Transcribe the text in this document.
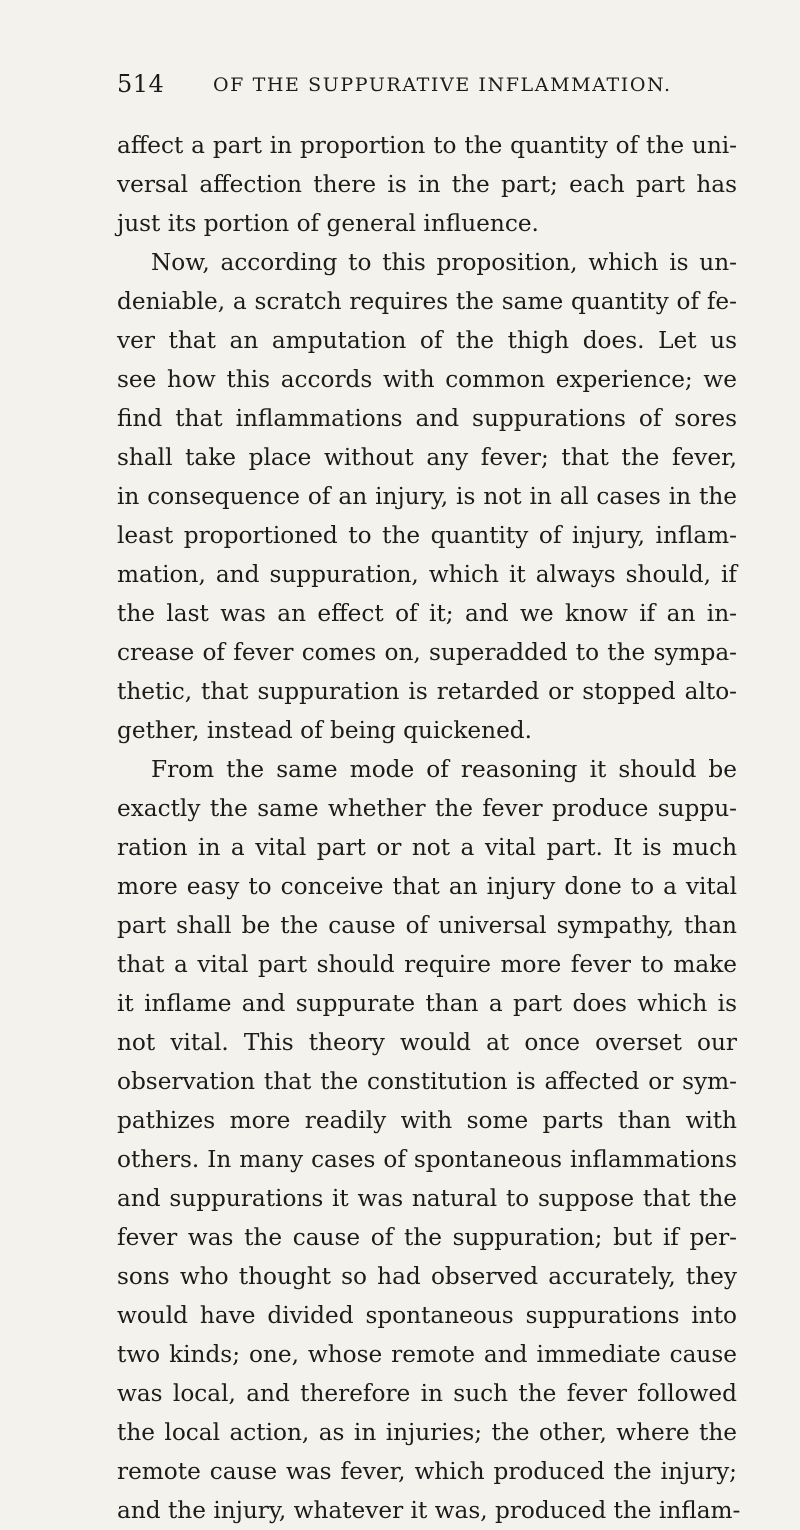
514	OF THE SUPPURATIVE INFLAMMATION.
affect a part in proportion to the quantity of the uni-
versal affection there is in the part; each part has
just its portion of general influence.
Now, according to this proposition, which is un-
deniable, a scratch requires the same quantity of fe-
ver that an amputation of the thigh does. Let us
see how this accords with common experience; we
find that inflammations and suppurations of sores
shall take place without any fever; that the fever,
in consequence of an injury, is not in all cases in the
least proportioned to the quantity of injury, inflam-
mation, and suppuration, which it always should, if
the last was an effect of it; and we know if an in-
crease of fever comes on, superadded to the sympa-
thetic, that suppuration is retarded or stopped alto-
gether, instead of being quickened.
From the same mode of reasoning it should be
exactly the same whether the fever produce suppu-
ration in a vital part or not a vital part. It is much
more easy to conceive that an injury done to a vital
part shall be the cause of universal sympathy, than
that a vital part should require more fever to make
it inflame and suppurate than a part does which is
not vital. This theory would at once overset our
observation that the constitution is affected or sym-
pathizes more readily with some parts than with
others. In many cases of spontaneous inflammations
and suppurations it was natural to suppose that the
fever was the cause of the suppuration; but if per-
sons who thought so had observed accurately, they
would have divided spontaneous suppurations into
two kinds; one, whose remote and immediate cause
was local, and therefore in such the fever followed
the local action, as in injuries; the other, where the
remote cause was fever, which produced the injury;
and the injury, whatever it was, produced the inflam-
